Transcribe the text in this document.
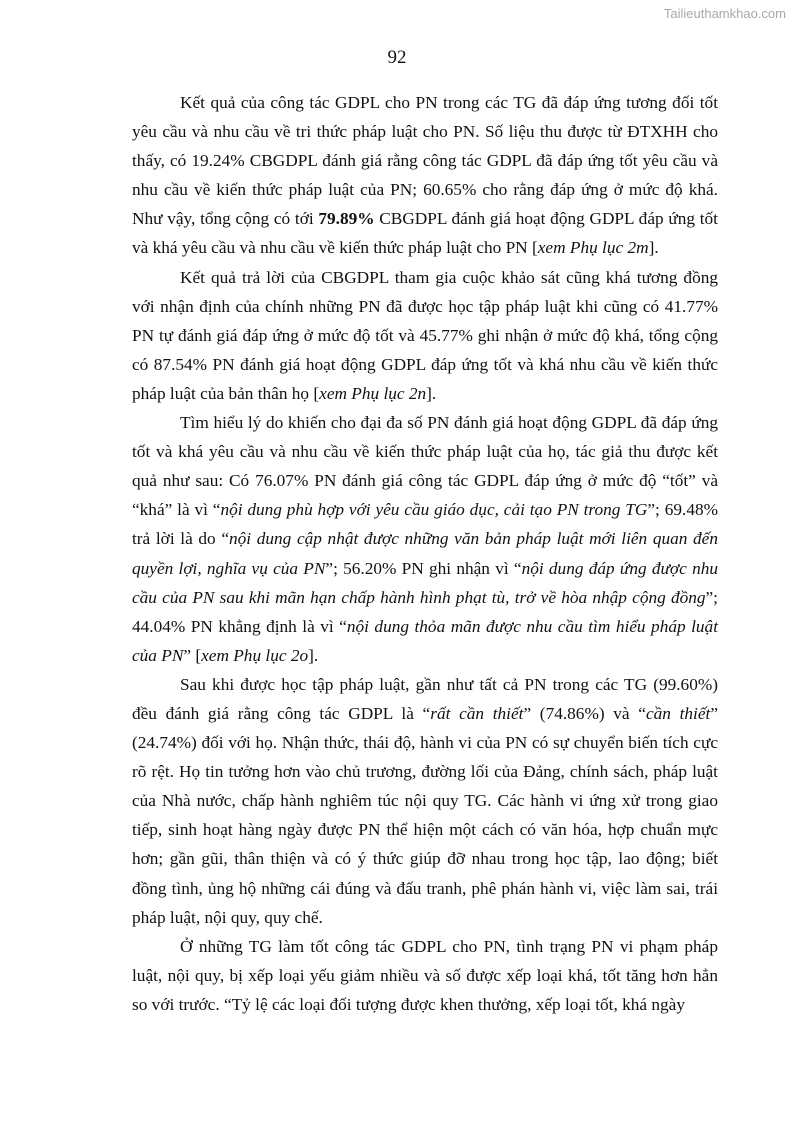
Tailieuthamkhao.com
92

Kết quả của công tác GDPL cho PN trong các TG đã đáp ứng tương đối tốt yêu cầu và nhu cầu về tri thức pháp luật cho PN. Số liệu thu được từ ĐTXHH cho thấy, có 19.24% CBGDPL đánh giá rằng công tác GDPL đã đáp ứng tốt yêu cầu và nhu cầu về kiến thức pháp luật của PN; 60.65% cho rằng đáp ứng ở mức độ khá. Như vậy, tổng cộng có tới 79.89% CBGDPL đánh giá hoạt động GDPL đáp ứng tốt và khá yêu cầu và nhu cầu về kiến thức pháp luật cho PN [xem Phụ lục 2m].

Kết quả trả lời của CBGDPL tham gia cuộc khảo sát cũng khá tương đồng với nhận định của chính những PN đã được học tập pháp luật khi cũng có 41.77% PN tự đánh giá đáp ứng ở mức độ tốt và 45.77% ghi nhận ở mức độ khá, tổng cộng có 87.54% PN đánh giá hoạt động GDPL đáp ứng tốt và khá nhu cầu về kiến thức pháp luật của bản thân họ [xem Phụ lục 2n].

Tìm hiểu lý do khiến cho đại đa số PN đánh giá hoạt động GDPL đã đáp ứng tốt và khá yêu cầu và nhu cầu về kiến thức pháp luật của họ, tác giả thu được kết quả như sau: Có 76.07% PN đánh giá công tác GDPL đáp ứng ở mức độ “tốt” và “khá” là vì “nội dung phù hợp với yêu cầu giáo dục, cải tạo PN trong TG”; 69.48% trả lời là do “nội dung cập nhật được những văn bản pháp luật mới liên quan đến quyền lợi, nghĩa vụ của PN”; 56.20% PN ghi nhận vì “nội dung đáp ứng được nhu cầu của PN sau khi mãn hạn chấp hành hình phạt tù, trở về hòa nhập cộng đồng”; 44.04% PN khẳng định là vì “nội dung thỏa mãn được nhu cầu tìm hiểu pháp luật của PN” [xem Phụ lục 2o].

Sau khi được học tập pháp luật, gần như tất cả PN trong các TG (99.60%) đều đánh giá rằng công tác GDPL là “rất cần thiết” (74.86%) và “cần thiết” (24.74%) đối với họ. Nhận thức, thái độ, hành vi của PN có sự chuyển biến tích cực rõ rệt. Họ tin tưởng hơn vào chủ trương, đường lối của Đảng, chính sách, pháp luật của Nhà nước, chấp hành nghiêm túc nội quy TG. Các hành vi ứng xử trong giao tiếp, sinh hoạt hàng ngày được PN thể hiện một cách có văn hóa, hợp chuẩn mực hơn; gần gũi, thân thiện và có ý thức giúp đỡ nhau trong học tập, lao động; biết đồng tình, ủng hộ những cái đúng và đấu tranh, phê phán hành vi, việc làm sai, trái pháp luật, nội quy, quy chế.

Ở những TG làm tốt công tác GDPL cho PN, tình trạng PN vi phạm pháp luật, nội quy, bị xếp loại yếu giảm nhiều và số được xếp loại khá, tốt tăng hơn hẳn so với trước. “Tỷ lệ các loại đối tượng được khen thưởng, xếp loại tốt, khá ngày
